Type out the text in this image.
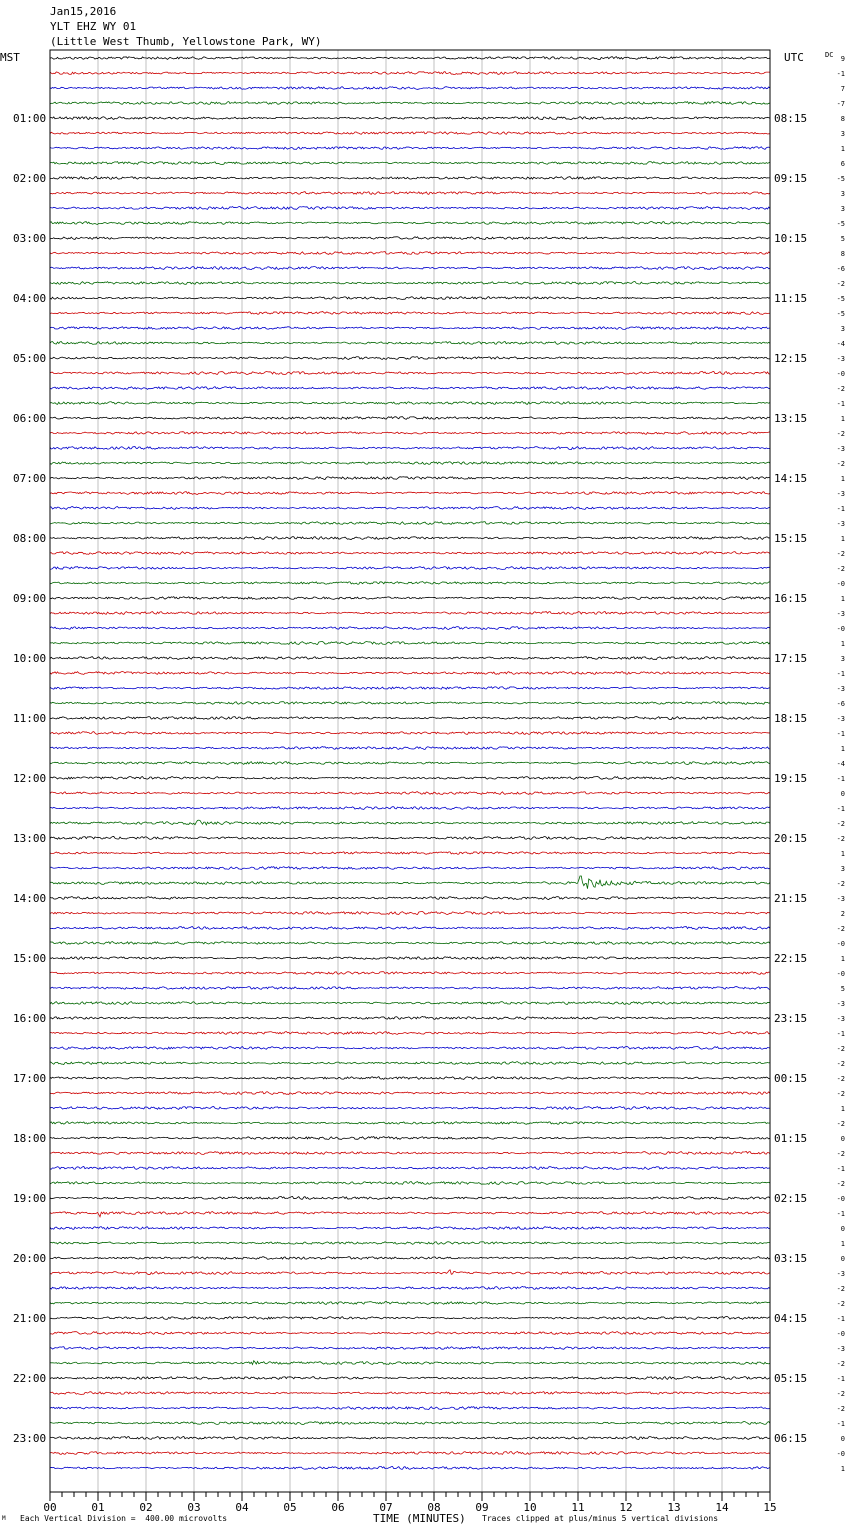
Jan15,2016
YLT EHZ WY 01
(Little West Thumb, Yellowstone Park, WY)
01:00
02:00
03:00
04:00
05:00
06:00
07:00
08:00
09:00
10:00
11:00
12:00
13:00
14:00
15:00
16:00
17:00
18:00
19:00
20:00
21:00
22:00
23:00
08:15
09:15
10:15
11:15
12:15
13:15
14:15
15:15
16:15
17:15
18:15
19:15
20:15
21:15
22:15
23:15
00:15
01:15
02:15
03:15
04:15
05:15
06:15
9
-1
7
-7
8
3
1
6
-5
3
3
-5
5
8
-6
-2
-5
-5
3
-4
-3
-0
-2
-1
1
-2
-3
-2
1
-3
-1
-3
1
-2
-2
-0
1
-3
-0
1
3
-1
-3
-6
-3
-1
1
-4
-1
0
-1
-2
-2
1
3
-2
-3
2
-2
-0
1
-0
5
-3
-3
-1
-2
-2
-2
-2
1
-2
0
-2
-1
-2
-0
-1
0
1
0
-3
-2
-2
-1
-0
-3
-2
-1
-2
-2
-1
0
-0
1
00	01	02	03	04	05	06	07	08	09	10	11	12	13	14	15
MST	UTC	DC
TIME (MINUTES)
M Each Vertical Division =  400.00 microvolts	Traces clipped at plus/minus 5 vertical divisions
